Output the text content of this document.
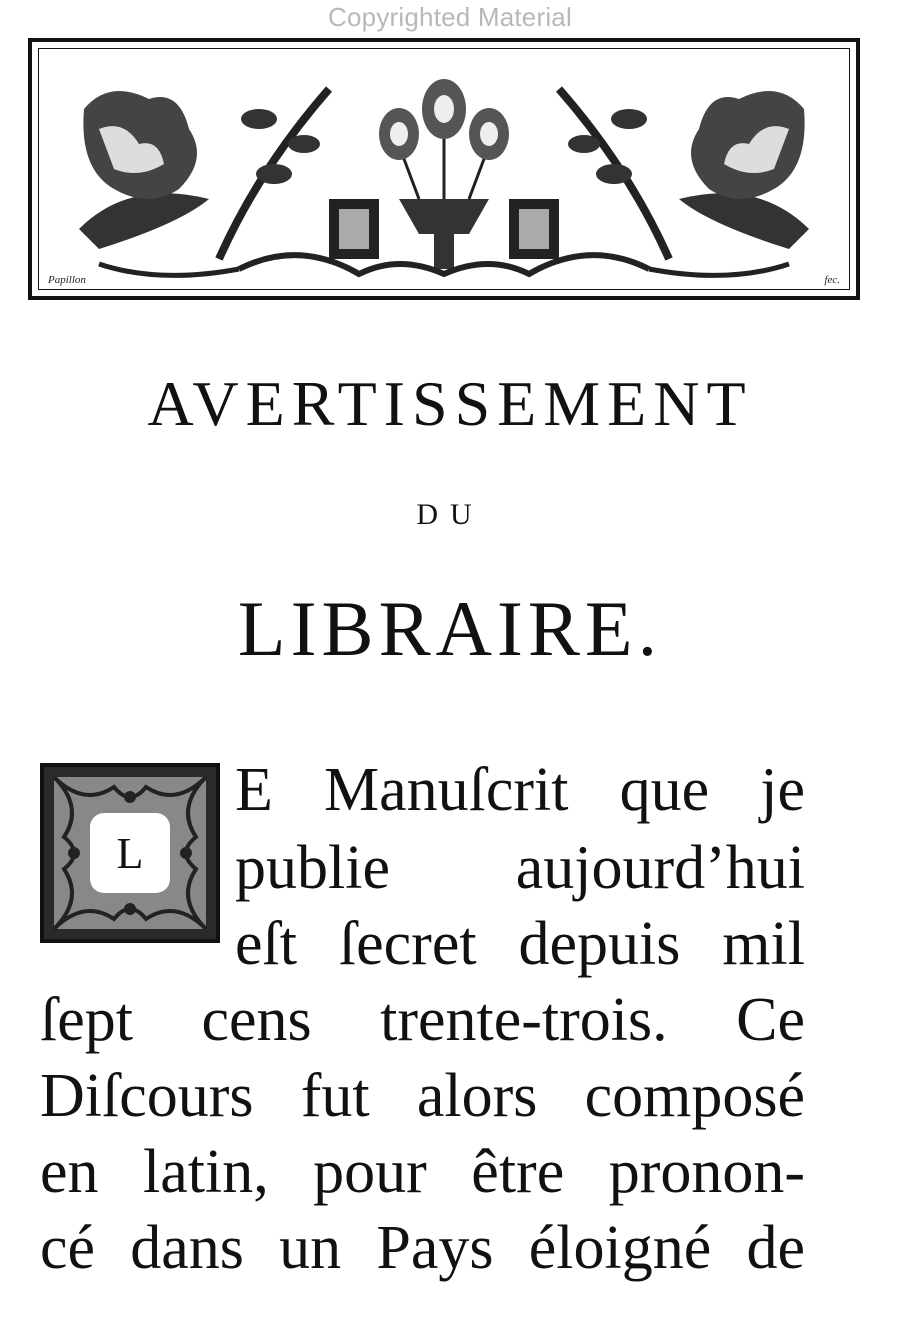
Copyrighted Material
Papillon	fec.
AVERTISSEMENT
DU
LIBRAIRE.
L
E Manuſcrit que je
publie aujourd’hui
eſt ſecret depuis mil
ſept cens trente-trois. Ce
Diſcours fut alors composé
en latin, pour être pronon-
cé dans un Pays éloigné de
